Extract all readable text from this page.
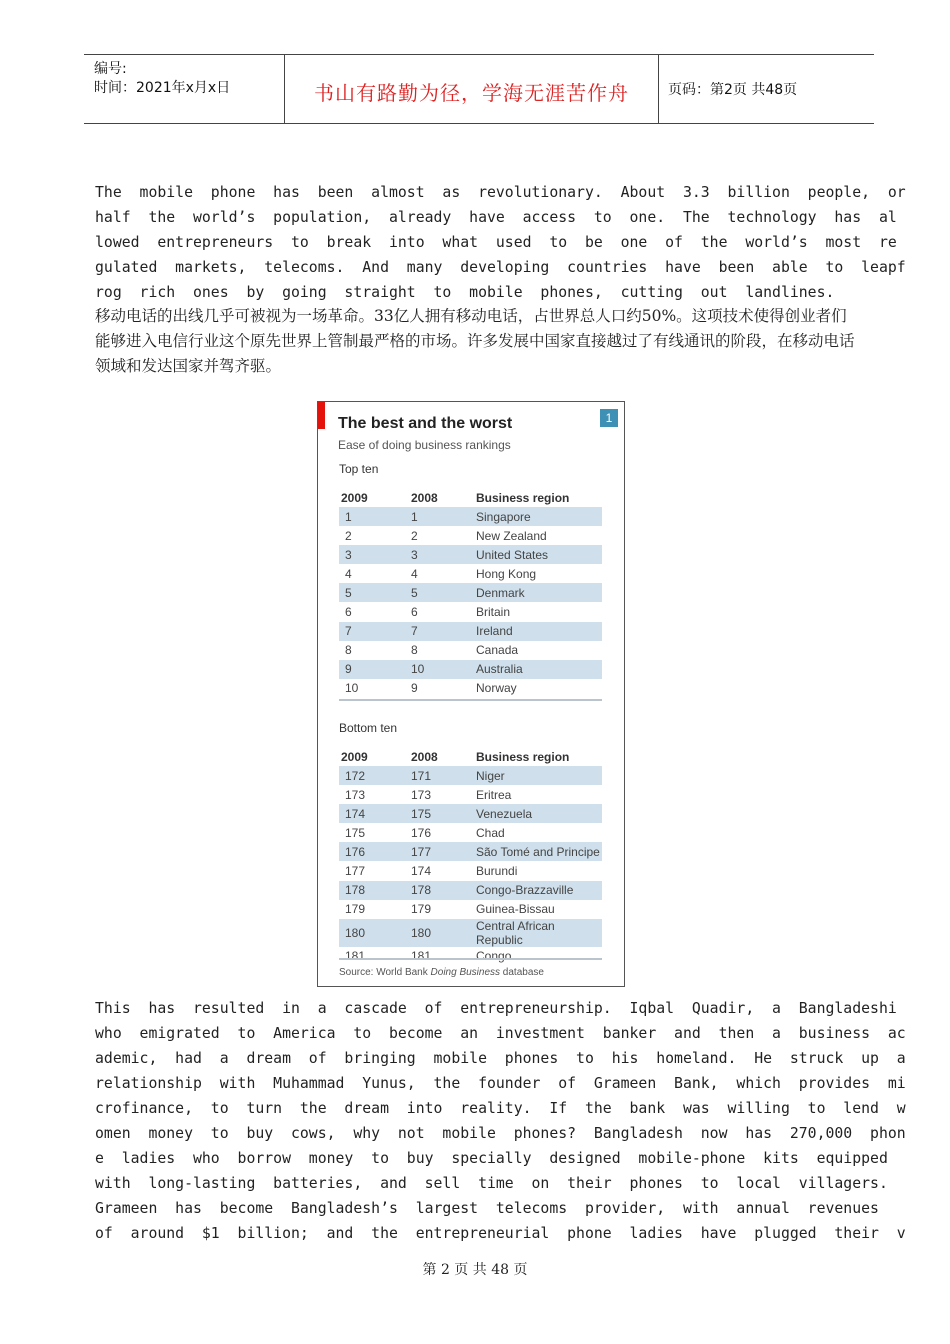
编号:
时间：2021年x月x日	书山有路勤为径，学海无涯苦作舟	页码：第2页 共48页
The  mobile  phone  has  been  almost  as  revolutionary.  About  3.3  billion  people,  or
half  the  world’s  population,  already  have  access  to  one.  The  technology  has  al
lowed  entrepreneurs  to  break  into  what  used  to  be  one  of  the  world’s  most  re
gulated  markets,  telecoms.  And  many  developing  countries  have  been  able  to  leapf
rog  rich  ones  by  going  straight  to  mobile  phones,  cutting  out  landlines.
移动电话的出线几乎可被视为一场革命。33亿人拥有移动电话，占世界总人口约50%。这项技术使得创业者们能够进入电信行业这个原先世界上管制最严格的市场。许多发展中国家直接越过了有线通讯的阶段，在移动电话领域和发达国家并驾齐驱。
1
The best and the worst
Ease of doing business rankings
Top ten
2009	2008	Business region
1	1	Singapore
2	2	New Zealand
3	3	United States
4	4	Hong Kong
5	5	Denmark
6	6	Britain
7	7	Ireland
8	8	Canada
9	10	Australia
10	9	Norway
Bottom ten
2009	2008	Business region
172	171	Niger
173	173	Eritrea
174	175	Venezuela
175	176	Chad
176	177	São Tomé and Principe
177	174	Burundi
178	178	Congo-Brazzaville
179	179	Guinea-Bissau
180	180	Central African Republic
181	181	Congo
Source: World Bank Doing Business database
This  has  resulted  in  a  cascade  of  entrepreneurship.  Iqbal  Quadir,  a  Bangladeshi
who  emigrated  to  America  to  become  an  investment  banker  and  then  a  business  ac
ademic,  had  a  dream  of  bringing  mobile  phones  to  his  homeland.  He  struck  up  a
relationship  with  Muhammad  Yunus,  the  founder  of  Grameen  Bank,  which  provides  mi
crofinance,  to  turn  the  dream  into  reality.  If  the  bank  was  willing  to  lend  w
omen  money  to  buy  cows,  why  not  mobile  phones?  Bangladesh  now  has  270,000  phon
e  ladies  who  borrow  money  to  buy  specially  designed  mobile-phone  kits  equipped
with  long-lasting  batteries,  and  sell  time  on  their  phones  to  local  villagers.
Grameen  has  become  Bangladesh’s  largest  telecoms  provider,  with  annual  revenues
of  around  $1  billion;  and  the  entrepreneurial  phone  ladies  have  plugged  their  v
第 2 页 共 48 页
